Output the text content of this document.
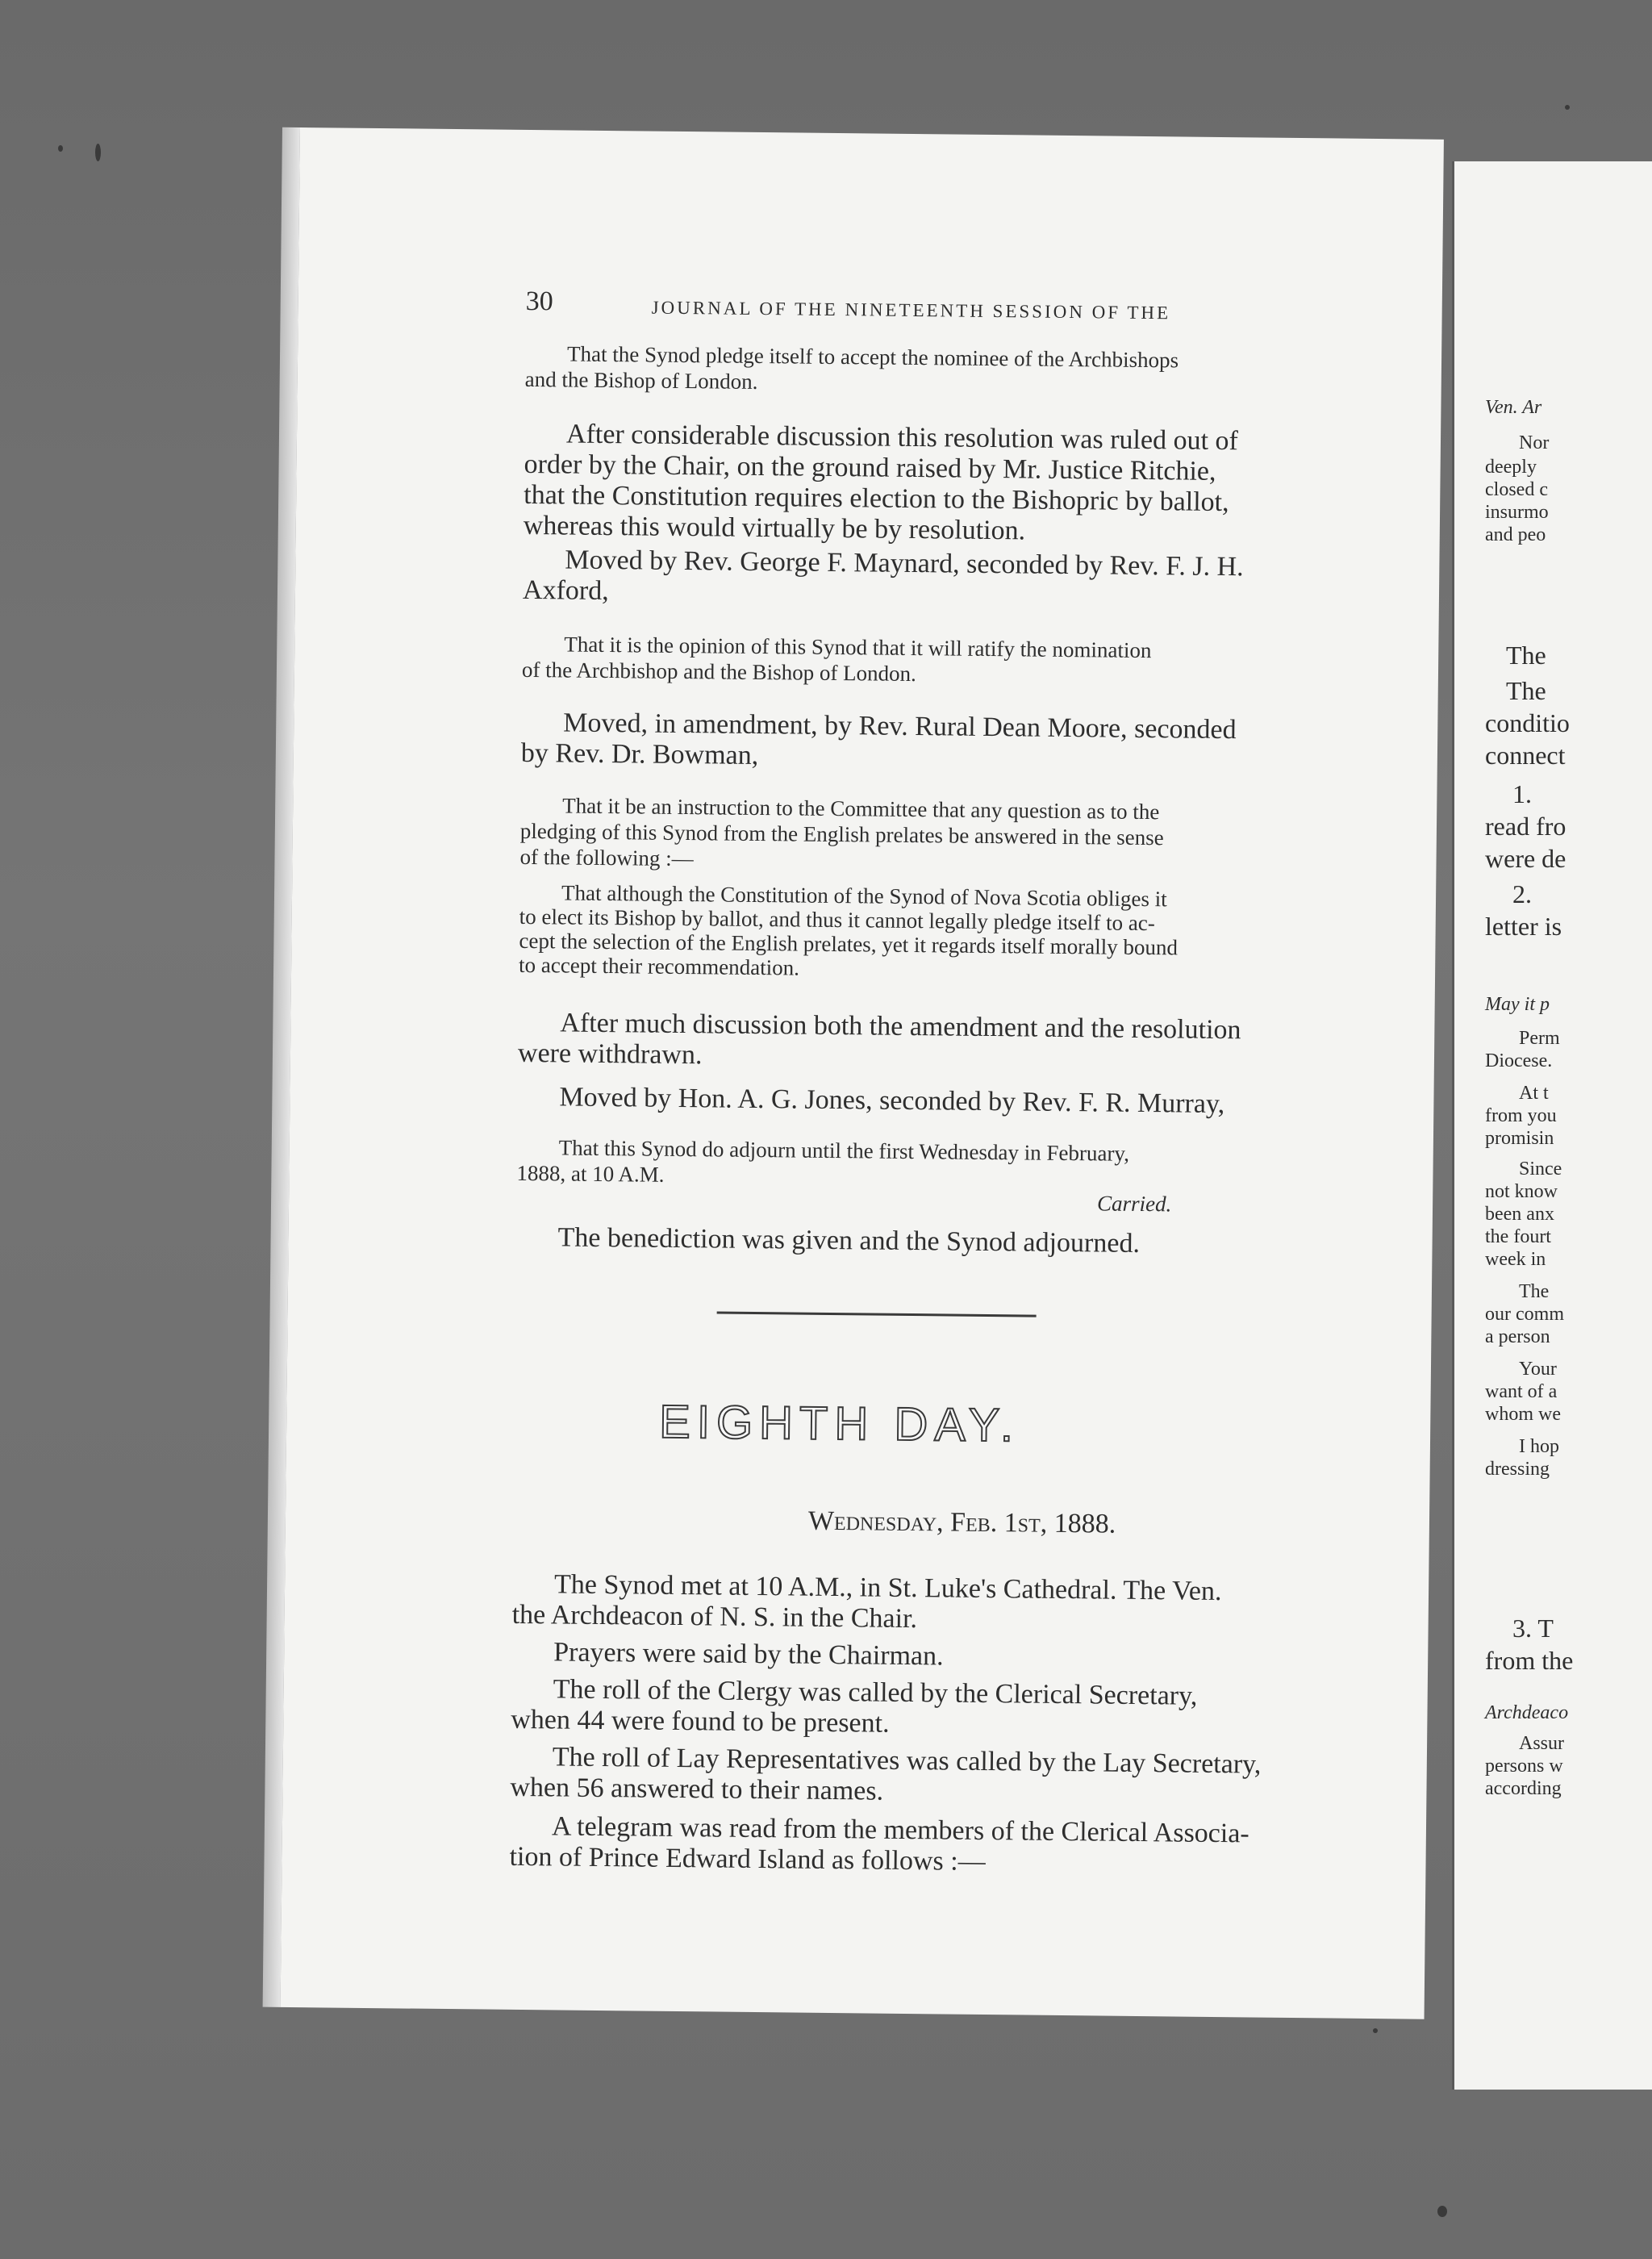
30	JOURNAL OF THE NINETEENTH SESSION OF THE

That the Synod pledge itself to accept the nominee of the Archbishops

and the Bishop of London.

After considerable discussion this resolution was ruled out of

order by the Chair, on the ground raised by Mr. Justice Ritchie,

that the Constitution requires election to the Bishopric by ballot,

whereas this would virtually be by resolution.

Moved by Rev. George F. Maynard, seconded by Rev. F. J. H.

Axford,

That it is the opinion of this Synod that it will ratify the nomination

of the Archbishop and the Bishop of London.

Moved, in amendment, by Rev. Rural Dean Moore, seconded

by Rev. Dr. Bowman,

That it be an instruction to the Committee that any question as to the

pledging of this Synod from the English prelates be answered in the sense

of the following :—

That although the Constitution of the Synod of Nova Scotia obliges it

to elect its Bishop by ballot, and thus it cannot legally pledge itself to ac-

cept the selection of the English prelates, yet it regards itself morally bound

to accept their recommendation.

After much discussion both the amendment and the resolution

were withdrawn.

Moved by Hon. A. G. Jones, seconded by Rev. F. R. Murray,

That this Synod do adjourn until the first Wednesday in February,

1888, at 10 A.M.

Carried.

The benediction was given and the Synod adjourned.

EIGHTH DAY.

Wednesday, Feb. 1st, 1888.

The Synod met at 10 A.M., in St. Luke's Cathedral. The Ven.

the Archdeacon of N. S. in the Chair.

Prayers were said by the Chairman.

The roll of the Clergy was called by the Clerical Secretary,

when 44 were found to be present.

The roll of Lay Representatives was called by the Lay Secretary,

when 56 answered to their names.

A telegram was read from the members of the Clerical Associa-

tion of Prince Edward Island as follows :—

Ven. Ar

Nor

deeply

closed c

insurmo

and peo

The

The

conditio

connect

1.

read fro

were de

2.

letter is

May it p

Perm

Diocese.

At t

from you

promisin

Since

not know

been anx

the fourt

week in

The

our comm

a person

Your

want of a

whom we

I hop

dressing

3. T

from the

Archdeaco

Assur

persons w

according
